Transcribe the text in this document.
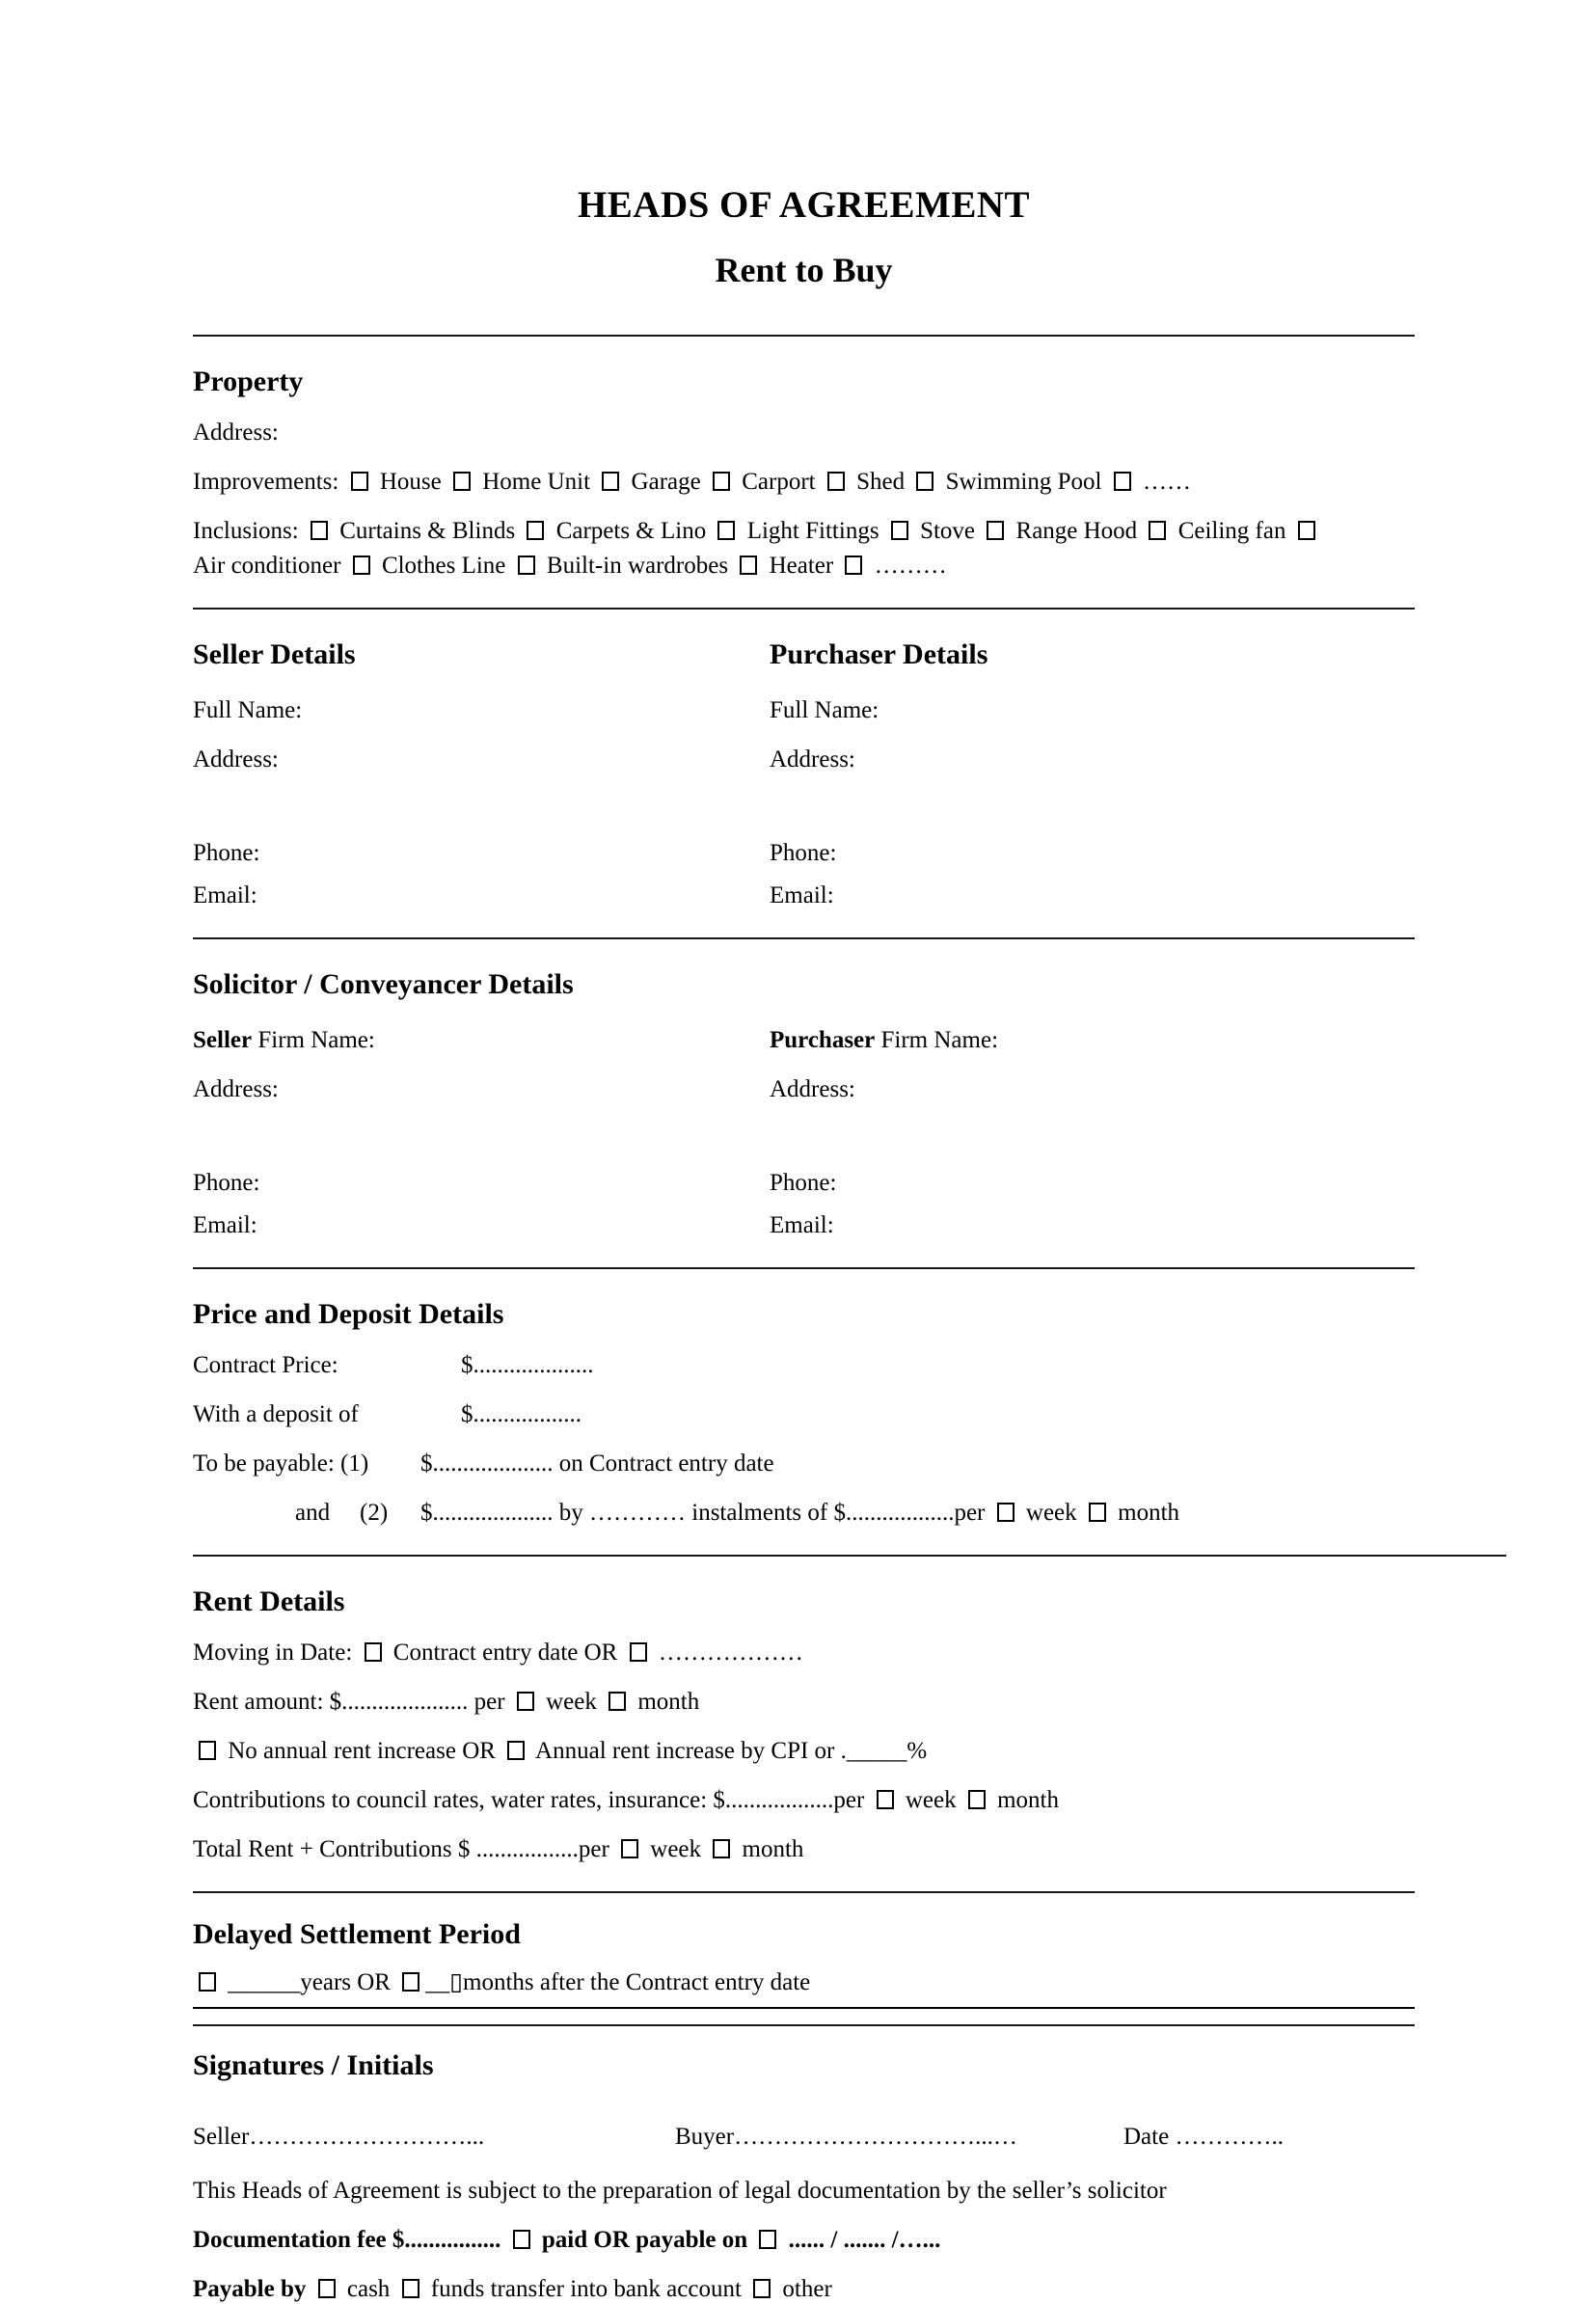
HEADS OF AGREEMENT
Rent to Buy
Property
Address:
Improvements:  House  Home Unit  Garage  Carport  Shed  Swimming Pool  ……
Inclusions:  Curtains & Blinds  Carpets & Lino  Light Fittings  Stove  Range Hood  Ceiling fan
Air conditioner  Clothes Line  Built-in wardrobes  Heater  ………
Seller Details	Purchaser Details
Full Name:	Full Name:
Address:	Address:
Phone:	Phone:
Email:	Email:
Solicitor / Conveyancer Details
Seller Firm Name:	Purchaser Firm Name:
Address:	Address:
Phone:	Phone:
Email:	Email:
Price and Deposit Details
Contract Price:	$....................
With a deposit of	$..................
To be payable: (1) $.................... on Contract entry date
and (2) $.................... by ………… instalments of $..................per  week  month
Rent Details
Moving in Date:  Contract entry date OR  ………………
Rent amount: $..................... per  week  month
No annual rent increase OR  Annual rent increase by CPI or ._____%
Contributions to council rates, water rates, insurance: $..................per  week  month
Total Rent + Contributions $ .................per  week  month
Delayed Settlement Period
______years OR __▯months after the Contract entry date
Signatures / Initials
Seller………………………...	Buyer…………………………...…	Date …………..
This Heads of Agreement is subject to the preparation of legal documentation by the seller’s solicitor
Documentation fee $................  paid OR payable on  ...... / ....... /…...
Payable by  cash  funds transfer into bank account  other
